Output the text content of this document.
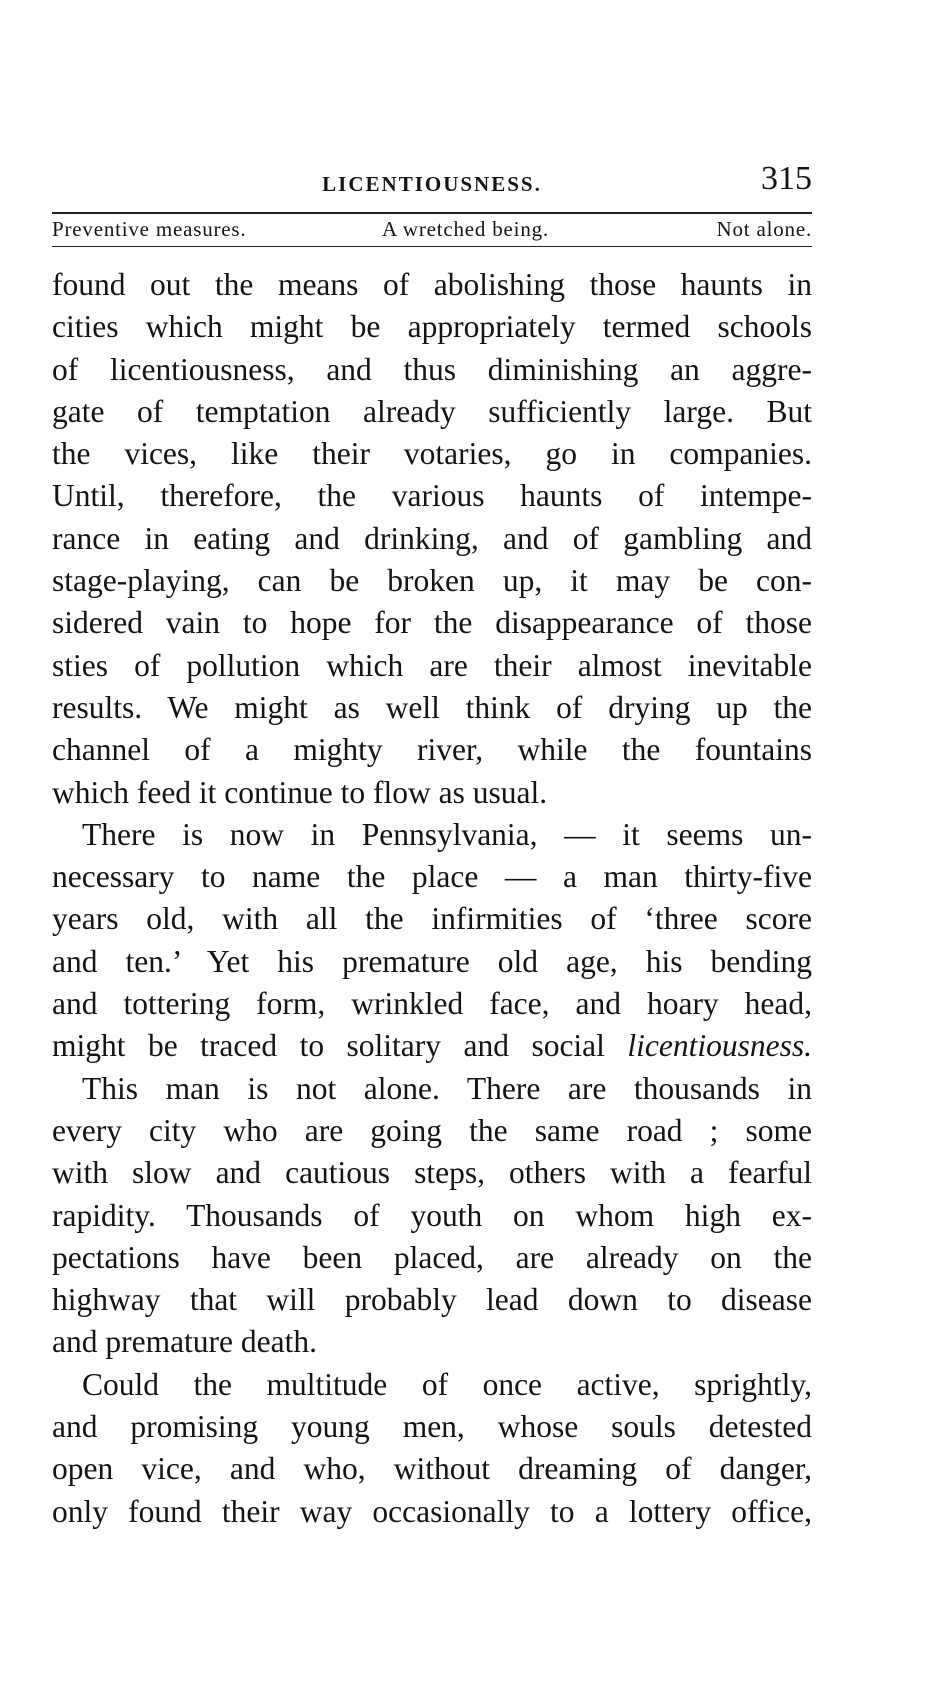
LICENTIOUSNESS.	315
Preventive measures.	A wretched being.	Not alone.
found out the means of abolishing those haunts in
cities which might be appropriately termed schools
of licentiousness, and thus diminishing an aggre-
gate of temptation already sufficiently large. But
the vices, like their votaries, go in companies.
Until, therefore, the various haunts of intempe-
rance in eating and drinking, and of gambling and
stage-playing, can be broken up, it may be con-
sidered vain to hope for the disappearance of those
sties of pollution which are their almost inevitable
results. We might as well think of drying up the
channel of a mighty river, while the fountains
which feed it continue to flow as usual.
There is now in Pennsylvania, — it seems un-
necessary to name the place — a man thirty-five
years old, with all the infirmities of ‘three score
and ten.’ Yet his premature old age, his bending
and tottering form, wrinkled face, and hoary head,
might be traced to solitary and social licentiousness.
This man is not alone. There are thousands in
every city who are going the same road ; some
with slow and cautious steps, others with a fearful
rapidity. Thousands of youth on whom high ex-
pectations have been placed, are already on the
highway that will probably lead down to disease
and premature death.
Could the multitude of once active, sprightly,
and promising young men, whose souls detested
open vice, and who, without dreaming of danger,
only found their way occasionally to a lottery office,
